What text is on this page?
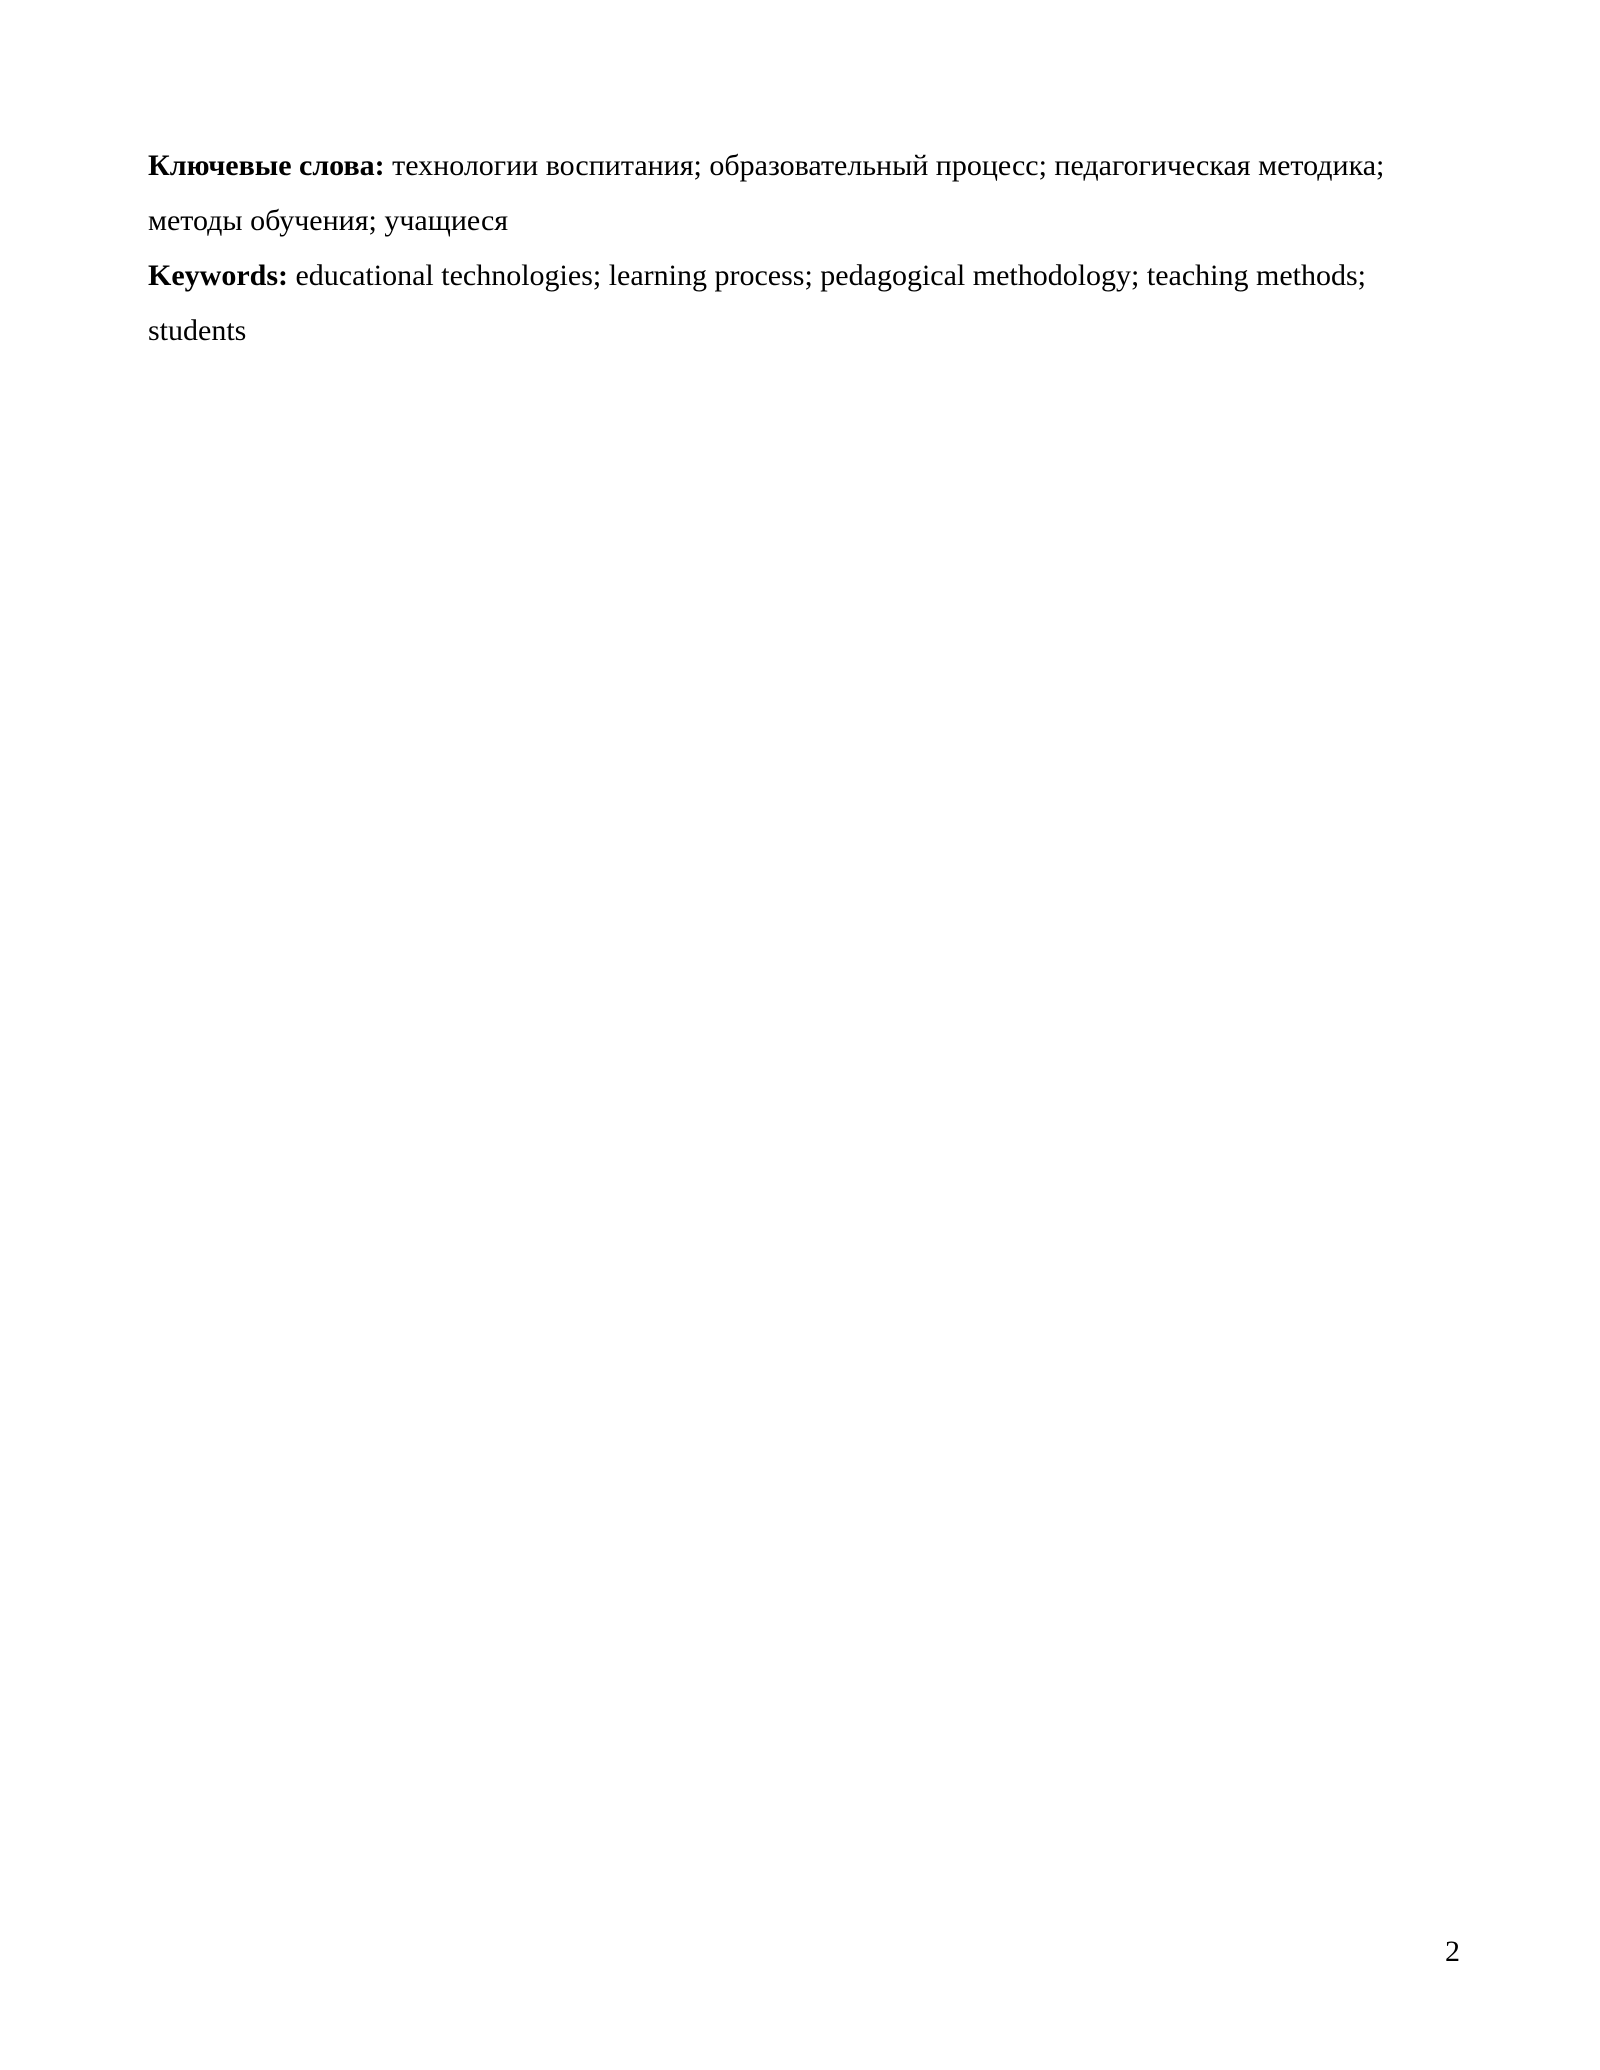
Ключевые слова: технологии воспитания; образовательный процесс; педагогическая методика; методы обучения; учащиеся

Keywords: educational technologies; learning process; pedagogical methodology; teaching methods; students

2
